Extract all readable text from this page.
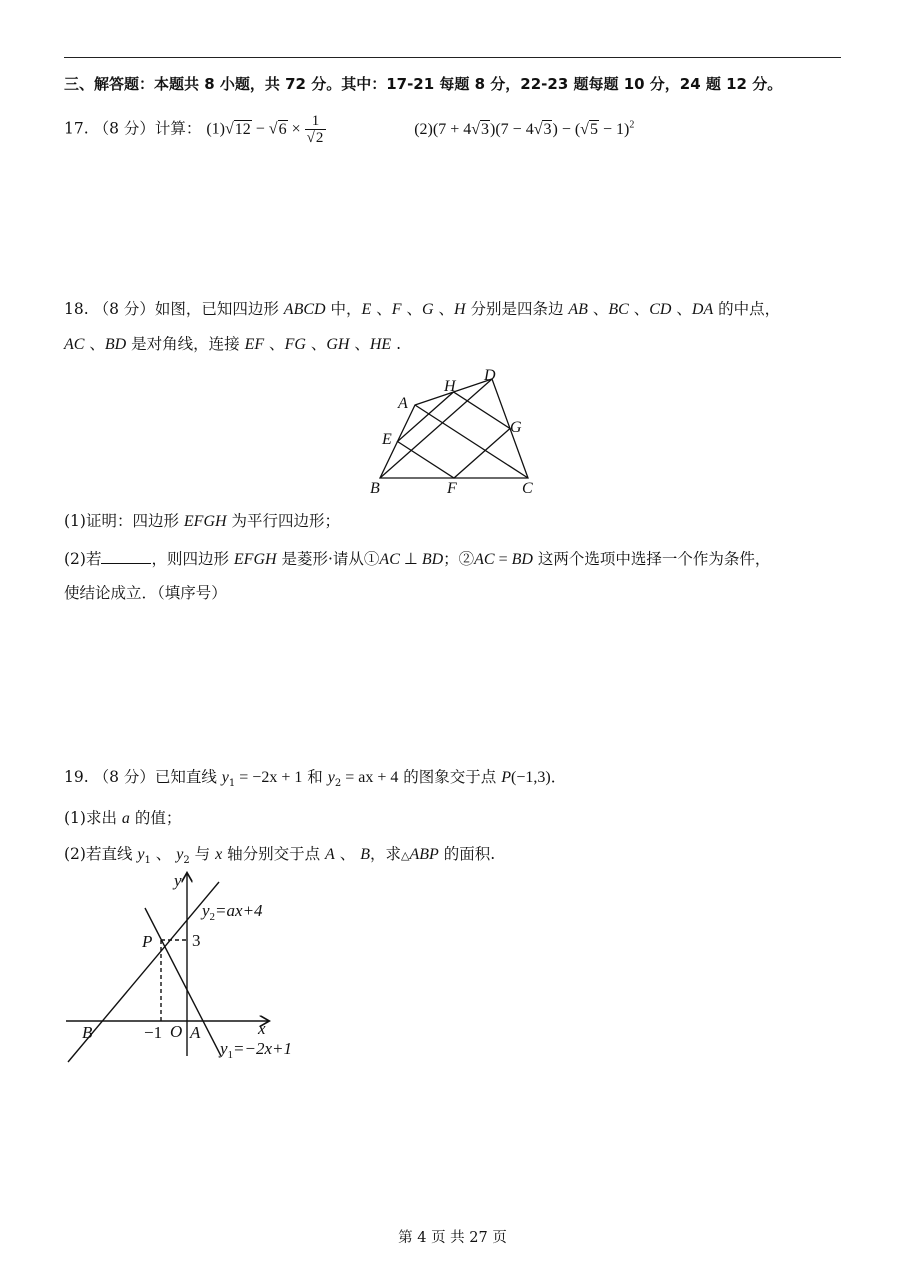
三、解答题：本题共 8 小题，共 72 分。其中：17-21 每题 8 分，22-23 题每题 10 分，24 题 12 分。
17. （8 分）计算： $(1)√12 - √6 \times \frac{1}{√2}$	$(2)(7 + 4√3)(7 - 4√3) - (√5 - 1)^2$
18. （8 分）如图，已知四边形 ABCD 中，E 、F 、G 、H 分别是四条边 AB 、BC 、CD 、DA 的中点，
AC 、BD 是对角线，连接 EF 、FG 、GH 、HE .
A
B	C
D
E
F
G
H
(1)证明：四边形 EFGH 为平行四边形；
(2)若	，则四边形 EFGH 是菱形·请从①AC ⊥ BD；②AC = BD 这两个选项中选择一个作为条件，
使结论成立．（填序号）
19. （8 分）已知直线 $y_1 = -2x + 1$ 和 $y_2$ = ax + 4 的图象交于点 P(−1,3)．
(1)求出 a 的值；
(2)若直线 $y_1$ 、 $y_2$ 与 x 轴分别交于点 A 、 B，求△ABP 的面积.
y
x
$y_2=ax+4$
P 3
B	−1 O A
$y_1=-2x+1$
第 4 页 共 27 页
